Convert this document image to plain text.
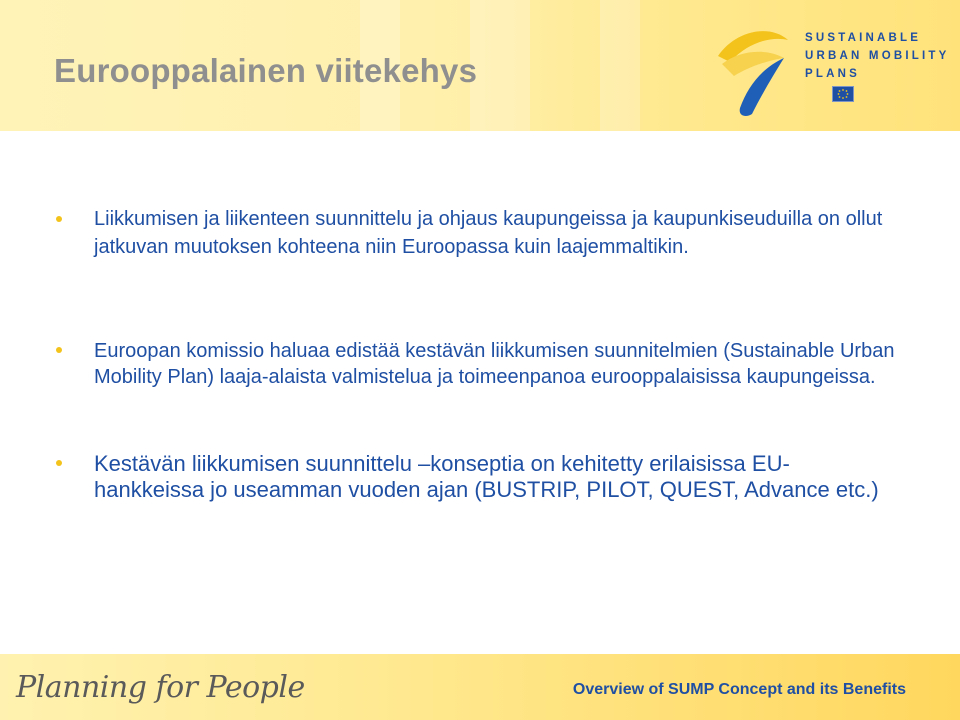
Eurooppalainen viitekehys
SUSTAINABLE
URBAN MOBILITY
PLANS
Liikkumisen ja liikenteen suunnittelu ja ohjaus kaupungeissa ja kaupunkiseuduilla on ollut jatkuvan muutoksen kohteena niin Euroopassa kuin laajemmaltikin.
Euroopan komissio haluaa edistää kestävän liikkumisen suunnitelmien (Sustainable Urban Mobility Plan) laaja-alaista valmistelua ja toimeenpanoa eurooppalaisissa kaupungeissa.
Kestävän liikkumisen suunnittelu –konseptia on kehitetty erilaisissa EU- hankkeissa jo useamman vuoden ajan (BUSTRIP, PILOT, QUEST, Advance etc.)
Planning for People	Overview of SUMP Concept and its Benefits
